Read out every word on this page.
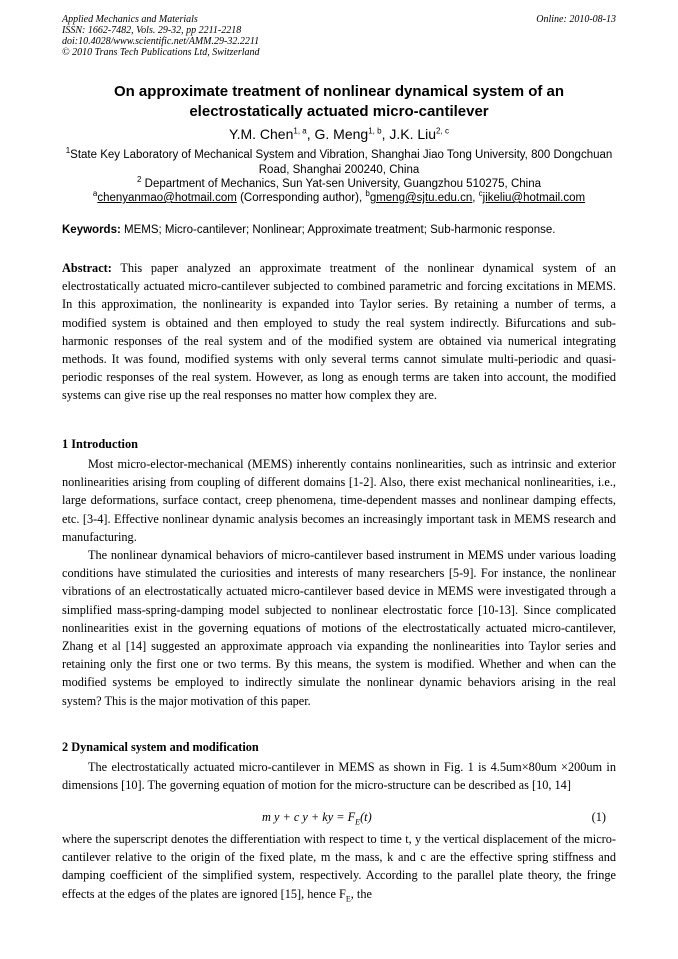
Applied Mechanics and Materials
ISSN: 1662-7482, Vols. 29-32, pp 2211-2218
doi:10.4028/www.scientific.net/AMM.29-32.2211
© 2010 Trans Tech Publications Ltd, Switzerland
Online: 2010-08-13
On approximate treatment of nonlinear dynamical system of an electrostatically actuated micro-cantilever
Y.M. Chen$^{1, a}$, G. Meng$^{1, b}$, J.K. Liu$^{2, c}$
$^1$State Key Laboratory of Mechanical System and Vibration, Shanghai Jiao Tong University, 800 Dongchuan Road, Shanghai 200240, China
$^2$ Department of Mechanics, Sun Yat-sen University, Guangzhou 510275, China
$^a$chenyanmao@hotmail.com (Corresponding author), $^b$gmeng@sjtu.edu.cn, $^c$jikeliu@hotmail.com
Keywords: MEMS; Micro-cantilever; Nonlinear; Approximate treatment; Sub-harmonic response.
Abstract: This paper analyzed an approximate treatment of the nonlinear dynamical system of an electrostatically actuated micro-cantilever subjected to combined parametric and forcing excitations in MEMS. In this approximation, the nonlinearity is expanded into Taylor series. By retaining a number of terms, a modified system is obtained and then employed to study the real system indirectly. Bifurcations and sub-harmonic responses of the real system and of the modified system are obtained via numerical integrating methods. It was found, modified systems with only several terms cannot simulate multi-periodic and quasi-periodic responses of the real system. However, as long as enough terms are taken into account, the modified systems can give rise up the real responses no matter how complex they are.
1 Introduction
Most micro-elector-mechanical (MEMS) inherently contains nonlinearities, such as intrinsic and exterior nonlinearities arising from coupling of different domains [1-2]. Also, there exist mechanical nonlinearities, i.e., large deformations, surface contact, creep phenomena, time-dependent masses and nonlinear damping effects, etc. [3-4]. Effective nonlinear dynamic analysis becomes an increasingly important task in MEMS research and manufacturing.
The nonlinear dynamical behaviors of micro-cantilever based instrument in MEMS under various loading conditions have stimulated the curiosities and interests of many researchers [5-9]. For instance, the nonlinear vibrations of an electrostatically actuated micro-cantilever based device in MEMS were investigated through a simplified mass-spring-damping model subjected to nonlinear electrostatic force [10-13]. Since complicated nonlinearities exist in the governing equations of motions of the electrostatically actuated micro-cantilever, Zhang et al [14] suggested an approximate approach via expanding the nonlinearities into Taylor series and retaining only the first one or two terms. By this means, the system is modified. Whether and when can the modified systems be employed to indirectly simulate the nonlinear dynamic behaviors arising in the real system? This is the major motivation of this paper.
2 Dynamical system and modification
The electrostatically actuated micro-cantilever in MEMS as shown in Fig. 1 is 4.5um×80um ×200um in dimensions [10]. The governing equation of motion for the micro-structure can be described as [10, 14]
m y + c y + ky = $F_E(t)$	(1)
where the superscript denotes the differentiation with respect to time t, y the vertical displacement of the micro-cantilever relative to the origin of the fixed plate, m the mass, k and c are the effective spring stiffness and damping coefficient of the simplified system, respectively. According to the parallel plate theory, the fringe effects at the edges of the plates are ignored [15], hence $F_E$, the
